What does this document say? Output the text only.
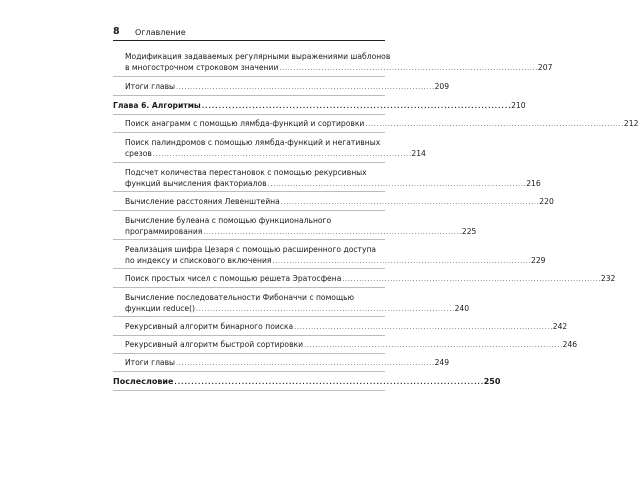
8 Оглавление
Модификация задаваемых регулярными выражениями шаблонов
в многострочном строковом значении . . .	207
Итоги главы . . .	209
Глава 6. Алгоритмы . . .	210
Поиск анаграмм с помощью лямбда-функций и сортировки . . .	212
Поиск палиндромов с помощью лямбда-функций и негативных
срезов . . .	214
Подсчет количества перестановок с помощью рекурсивных
функций вычисления факториалов . . .	216
Вычисление расстояния Левенштейна . . .	220
Вычисление булеана с помощью функционального
программирования . . .	225
Реализация шифра Цезаря с помощью расширенного доступа
по индексу и спискового включения . . .	229
Поиск простых чисел с помощью решета Эратосфена . . .	232
Вычисление последовательности Фибоначчи с помощью
функции reduce() . . .	240
Рекурсивный алгоритм бинарного поиска . . .	242
Рекурсивный алгоритм быстрой сортировки . . .	246
Итоги главы . . .	249
Послесловие . . .	250
